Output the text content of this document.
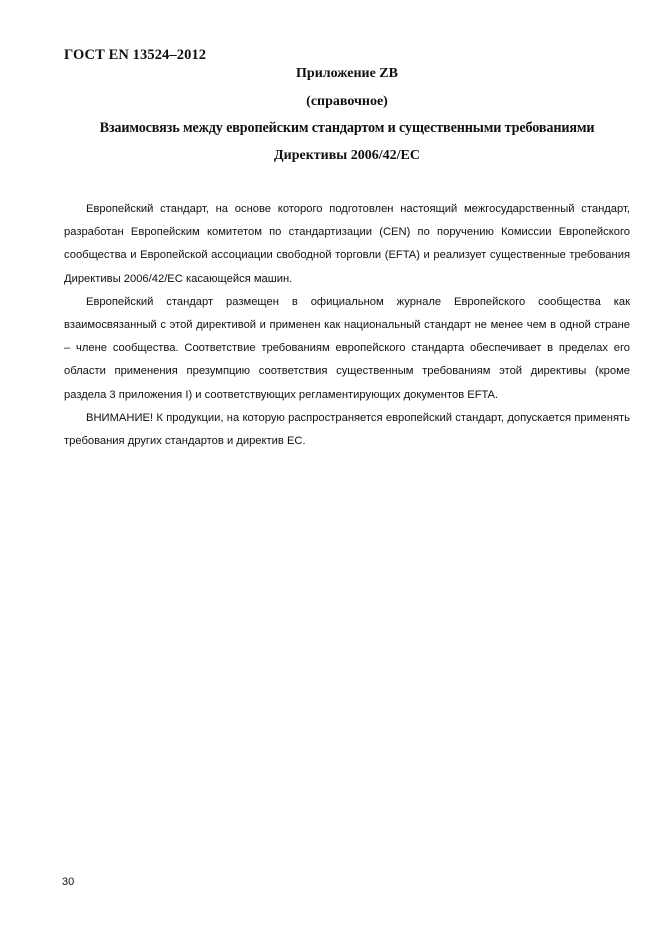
ГОСТ EN 13524–2012
Приложение ZB
(справочное)
Взаимосвязь между европейским стандартом и существенными требованиями
Директивы 2006/42/ЕС

Европейский стандарт, на основе которого подготовлен настоящий межгосударственный стандарт, разработан Европейским комитетом по стандартизации (CEN) по поручению Комиссии Европейского сообщества и Европейской ассоциации свободной торговли (EFTA) и реализует существенные требования Директивы 2006/42/ЕС касающейся машин.

Европейский стандарт размещен в официальном журнале Европейского сообщества как взаимосвязанный с этой директивой и применен как национальный стандарт не менее чем в одной стране – члене сообщества. Соответствие требованиям европейского стандарта обеспечивает в пределах его области применения презумпцию соответствия существенным требованиям этой директивы (кроме раздела 3 приложения I) и соответствующих регламентирующих документов EFTA.

ВНИМАНИЕ! К продукции, на которую распространяется европейский стандарт, допускается применять требования других стандартов и директив ЕС.

30
